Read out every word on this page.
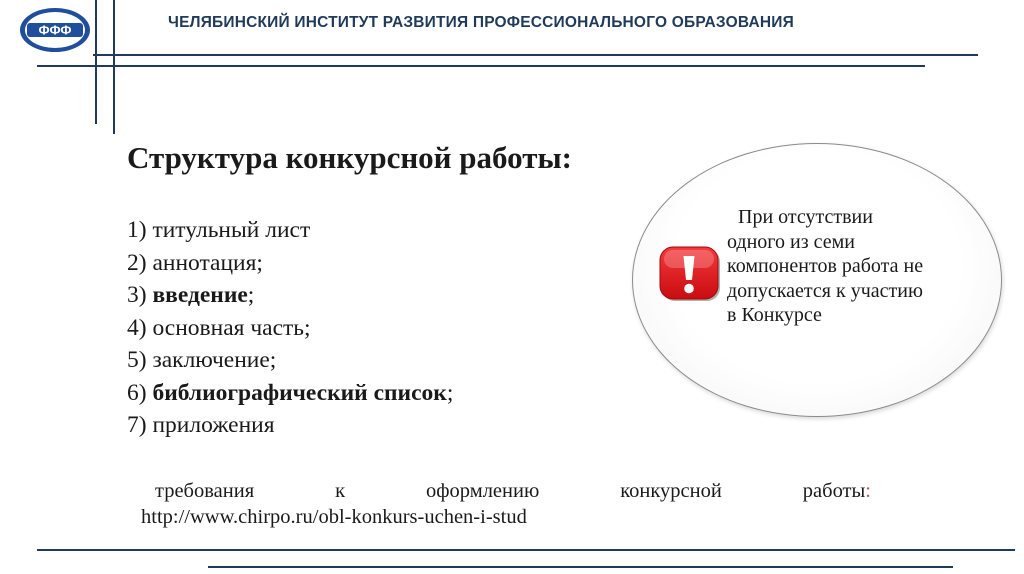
ФФФ	ЧЕЛЯБИНСКИЙ ИНСТИТУТ РАЗВИТИЯ ПРОФЕССИОНАЛЬНОГО ОБРАЗОВАНИЯ
Структура конкурсной работы:
1) титульный лист
2) аннотация;
3) введение;
4) основная часть;
5) заключение;
6) библиографический список;
7) приложения
При отсутствии
одного из семи
компонентов работа не
допускается к участию
в Конкурсе
требования	к	оформлению	конкурсной	работы:
http://www.chirpo.ru/obl-konkurs-uchen-i-stud
